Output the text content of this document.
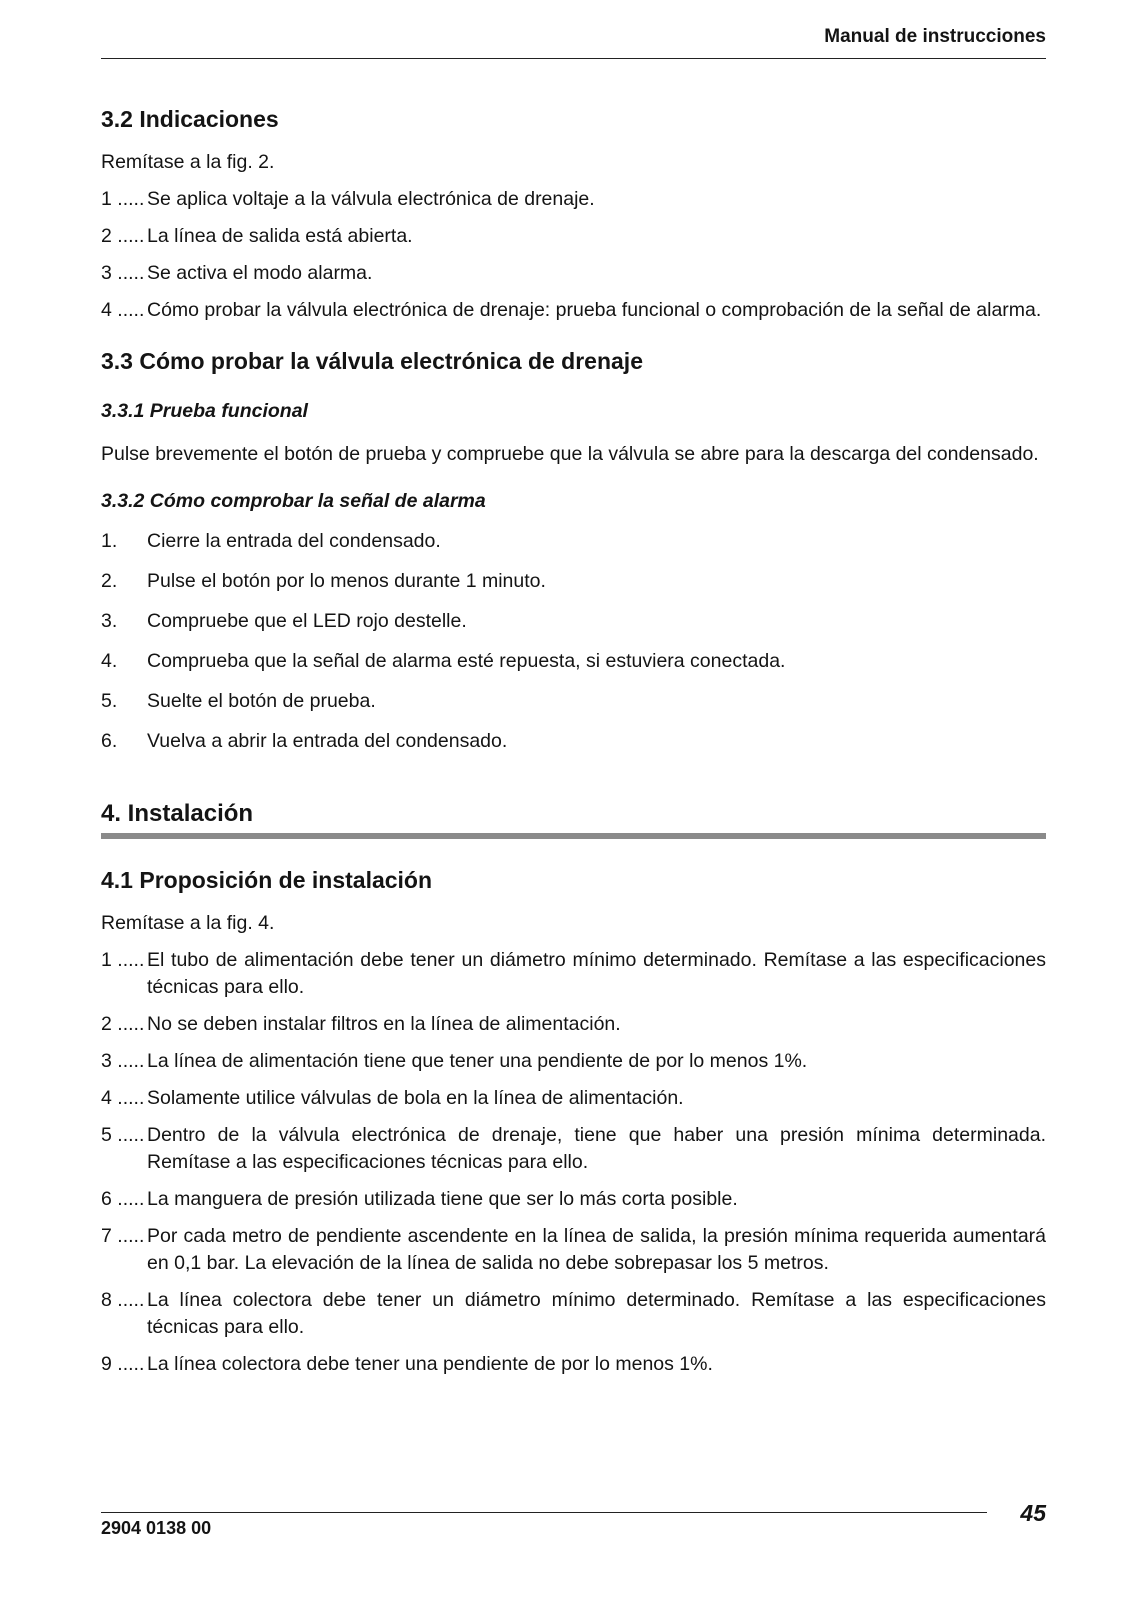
Manual de instrucciones
3.2 Indicaciones

Remítase a la fig. 2.

1 ..... Se aplica voltaje a la válvula electrónica de drenaje.
2 ..... La línea de salida está abierta.
3 ..... Se activa el modo alarma.
4 ..... Cómo probar la válvula electrónica de drenaje: prueba funcional o comprobación de la señal de alarma.
3.3 Cómo probar la válvula electrónica de drenaje
3.3.1 Prueba funcional

Pulse brevemente el botón de prueba y compruebe que la válvula se abre para la descarga del condensado.

3.3.2 Cómo comprobar la señal de alarma
1.	Cierre la entrada del condensado.
2.	Pulse el botón por lo menos durante 1 minuto.
3.	Compruebe que el LED rojo destelle.
4.	Comprueba que la señal de alarma esté repuesta, si estuviera conectada.
5.	Suelte el botón de prueba.
6.	Vuelva a abrir la entrada del condensado.
4. Instalación
4.1 Proposición de instalación

Remítase a la fig. 4.

1 ..... El tubo de alimentación debe tener un diámetro mínimo determinado. Remítase a las especificaciones técnicas para ello.
2 ..... No se deben instalar filtros en la línea de alimentación.
3 ..... La línea de alimentación tiene que tener una pendiente de por lo menos 1%.
4 ..... Solamente utilice válvulas de bola en la línea de alimentación.
5 ..... Dentro de la válvula electrónica de drenaje, tiene que haber una presión mínima determinada. Remítase a las especificaciones técnicas para ello.
6 ..... La manguera de presión utilizada tiene que ser lo más corta posible.
7 ..... Por cada metro de pendiente ascendente en la línea de salida, la presión mínima requerida aumentará en 0,1 bar. La elevación de la línea de salida no debe sobrepasar los 5 metros.
8 ..... La línea colectora debe tener un diámetro mínimo determinado. Remítase a las especificaciones técnicas para ello.
9 ..... La línea colectora debe tener una pendiente de por lo menos 1%.
2904 0138 00
45
